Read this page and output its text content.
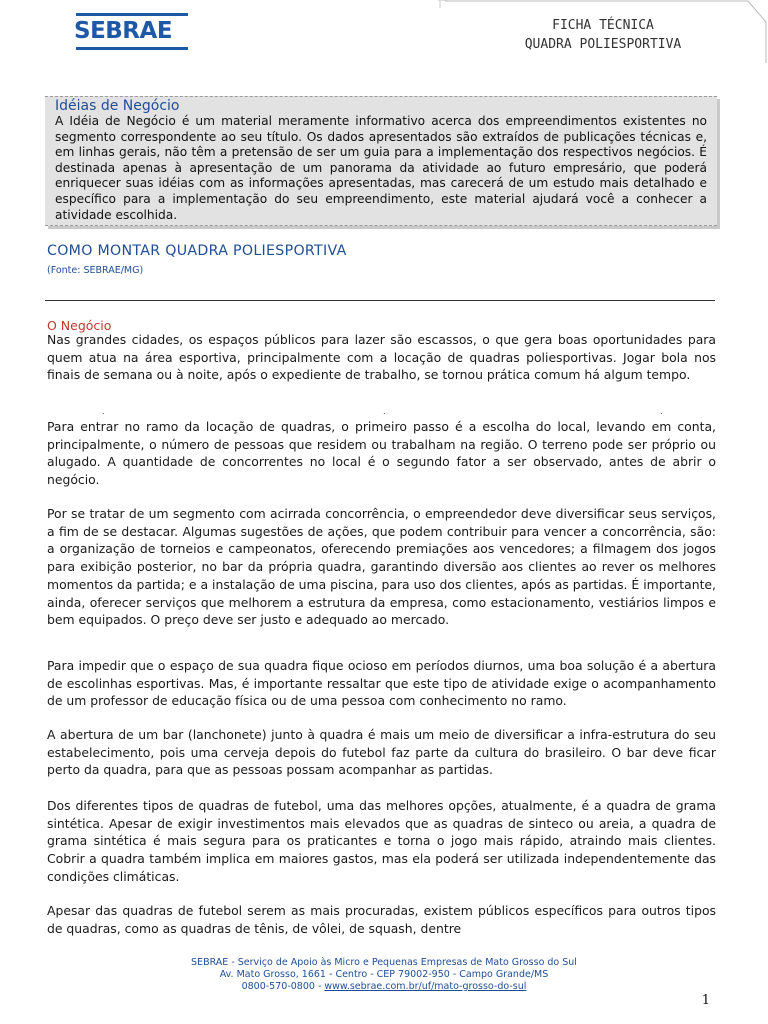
SEBRAE	FICHA TÉCNICA
QUADRA POLIESPORTIVA
Idéias de Negócio
A Idéia de Negócio é um material meramente informativo acerca dos empreendimentos existentes no segmento correspondente ao seu título. Os dados apresentados são extraídos de publicações técnicas e, em linhas gerais, não têm a pretensão de ser um guia para a implementação dos respectivos negócios. É destinada apenas à apresentação de um panorama da atividade ao futuro empresário, que poderá enriquecer suas idéias com as informações apresentadas, mas carecerá de um estudo mais detalhado e específico para a implementação do seu empreendimento, este material ajudará você a conhecer a atividade escolhida.
COMO MONTAR QUADRA POLIESPORTIVA
(Fonte: SEBRAE/MG)
O Negócio

Nas grandes cidades, os espaços públicos para lazer são escassos, o que gera boas oportunidades para quem atua na área esportiva, principalmente com a locação de quadras poliesportivas. Jogar bola nos finais de semana ou à noite, após o expediente de trabalho, se tornou prática comum há algum tempo.

.	.	.

Para entrar no ramo da locação de quadras, o primeiro passo é a escolha do local, levando em conta, principalmente, o número de pessoas que residem ou trabalham na região. O terreno pode ser próprio ou alugado. A quantidade de concorrentes no local é o segundo fator a ser observado, antes de abrir o negócio.

Por se tratar de um segmento com acirrada concorrência, o empreendedor deve diversificar seus serviços, a fim de se destacar. Algumas sugestões de ações, que podem contribuir para vencer a concorrência, são: a organização de torneios e campeonatos, oferecendo premiações aos vencedores; a filmagem dos jogos para exibição posterior, no bar da própria quadra, garantindo diversão aos clientes ao rever os melhores momentos da partida; e a instalação de uma piscina, para uso dos clientes, após as partidas. É importante, ainda, oferecer serviços que melhorem a estrutura da empresa, como estacionamento, vestiários limpos e bem equipados. O preço deve ser justo e adequado ao mercado.

Para impedir que o espaço de sua quadra fique ocioso em períodos diurnos, uma boa solução é a abertura de escolinhas esportivas. Mas, é importante ressaltar que este tipo de atividade exige o acompanhamento de um professor de educação física ou de uma pessoa com conhecimento no ramo.

A abertura de um bar (lanchonete) junto à quadra é mais um meio de diversificar a infra-estrutura do seu estabelecimento, pois uma cerveja depois do futebol faz parte da cultura do brasileiro. O bar deve ficar perto da quadra, para que as pessoas possam acompanhar as partidas.

Dos diferentes tipos de quadras de futebol, uma das melhores opções, atualmente, é a quadra de grama sintética. Apesar de exigir investimentos mais elevados que as quadras de sinteco ou areia, a quadra de grama sintética é mais segura para os praticantes e torna o jogo mais rápido, atraindo mais clientes. Cobrir a quadra também implica em maiores gastos, mas ela poderá ser utilizada independentemente das condições climáticas.

Apesar das quadras de futebol serem as mais procuradas, existem públicos específicos para outros tipos de quadras, como as quadras de tênis, de vôlei, de squash, dentre

SEBRAE - Serviço de Apoio às Micro e Pequenas Empresas de Mato Grosso do Sul
Av. Mato Grosso, 1661 - Centro - CEP 79002-950 - Campo Grande/MS
0800-570-0800 - www.sebrae.com.br/uf/mato-grosso-do-sul
1
